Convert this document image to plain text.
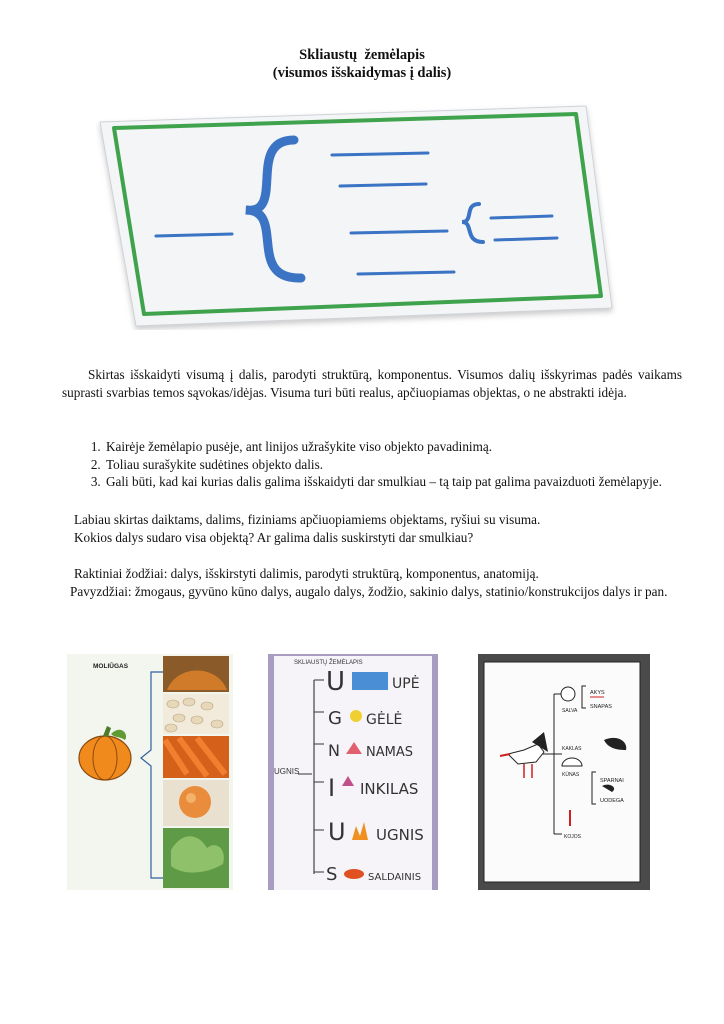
Skliaustų  žemėlapis
(visumos išskaidymas į dalis)
Skirtas išskaidyti visumą į dalis, parodyti struktūrą, komponentus. Visumos dalių išskyrimas padės vaikams suprasti svarbias temos sąvokas/idėjas. Visuma turi būti realus, apčiuopiamas objektas, o ne abstrakti idėja.
1. Kairėje žemėlapio pusėje, ant linijos užrašykite viso objekto pavadinimą.
2. Toliau surašykite sudėtines objekto dalis.
3. Gali būti, kad kai kurias dalis galima išskaidyti dar smulkiau – tą taip pat galima pavaizduoti žemėlapyje.
Labiau skirtas daiktams, dalims, fiziniams apčiuopiamiems objektams, ryšiui su visuma.
Kokios dalys sudaro visa objektą? Ar galima dalis suskirstyti dar smulkiau?
Raktiniai žodžiai: dalys, išskirstyti dalimis, parodyti struktūrą, komponentus, anatomiją.
Pavyzdžiai: žmogaus, gyvūno kūno dalys, augalo dalys, žodžio, sakinio dalys, statinio/konstrukcijos dalys ir pan.
MOLIŪGAS	SKLIAUSTŲ ŽEMĖLAPIS
UGNIS
U	UPĖ
G GĖLĖ
N NAMAS
I INKILAS
U UGNIS
S	SALDAINIS
SALVA
AKYS
SNAPAS
KAKLAS
KŪNAS
SPARNAI
UODEGA
KOJOS
